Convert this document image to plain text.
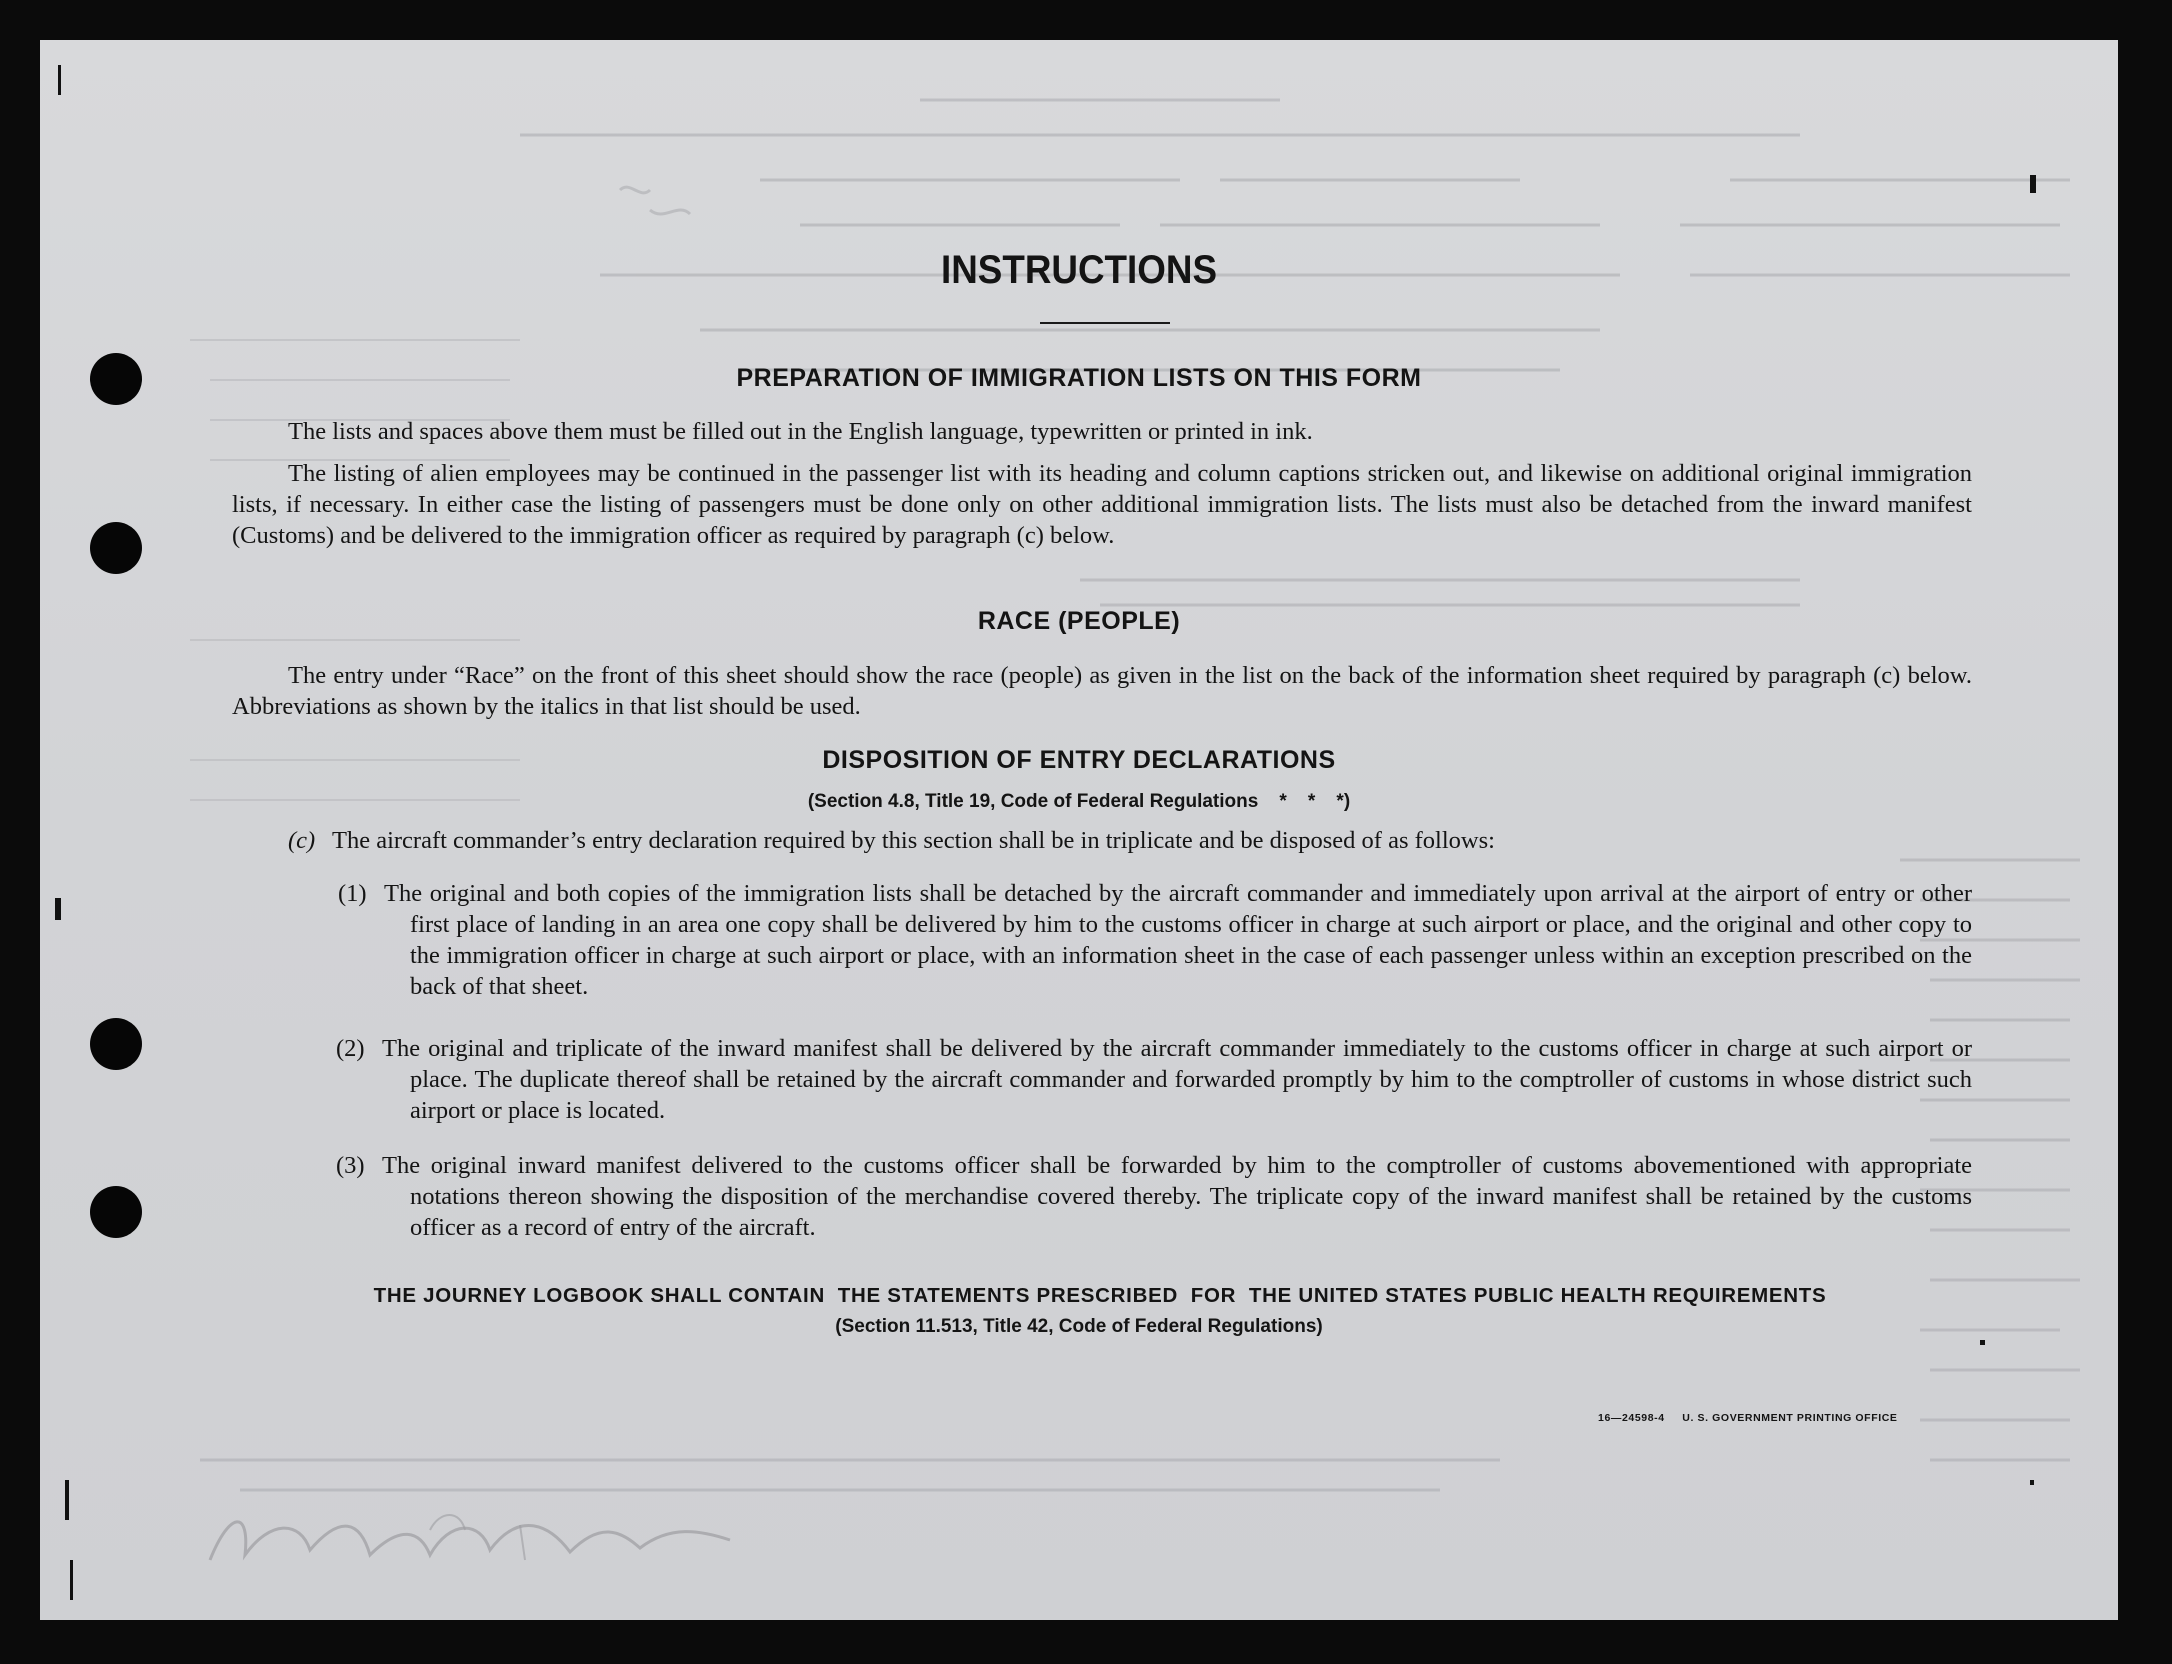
INSTRUCTIONS
PREPARATION OF IMMIGRATION LISTS ON THIS FORM
The lists and spaces above them must be filled out in the English language, typewritten or printed in ink.
The listing of alien employees may be continued in the passenger list with its heading and column captions stricken out, and likewise on additional original immigration lists, if necessary. In either case the listing of passengers must be done only on other additional immigration lists. The lists must also be detached from the inward manifest (Customs) and be delivered to the immigration officer as required by paragraph (c) below.
RACE (PEOPLE)
The entry under “Race” on the front of this sheet should show the race (people) as given in the list on the back of the information sheet required by paragraph (c) below. Abbreviations as shown by the italics in that list should be used.
DISPOSITION OF ENTRY DECLARATIONS
(Section 4.8, Title 19, Code of Federal Regulations    *    *    *)
(c) The aircraft commander’s entry declaration required by this section shall be in triplicate and be disposed of as follows:
(1) The original and both copies of the immigration lists shall be detached by the aircraft commander and immediately upon arrival at the airport of entry or other first place of landing in an area one copy shall be delivered by him to the customs officer in charge at such airport or place, and the original and other copy to the immigration officer in charge at such airport or place, with an information sheet in the case of each passenger unless within an exception prescribed on the back of that sheet.
(2) The original and triplicate of the inward manifest shall be delivered by the aircraft commander immediately to the customs officer in charge at such airport or place. The duplicate thereof shall be retained by the aircraft commander and forwarded promptly by him to the comptroller of customs in whose district such airport or place is located.
(3) The original inward manifest delivered to the customs officer shall be forwarded by him to the comptroller of customs abovementioned with appropriate notations thereon showing the disposition of the merchandise covered thereby. The triplicate copy of the inward manifest shall be retained by the customs officer as a record of entry of the aircraft.
THE JOURNEY LOGBOOK SHALL CONTAIN  THE STATEMENTS PRESCRIBED  FOR  THE UNITED STATES PUBLIC HEALTH REQUIREMENTS
(Section 11.513, Title 42, Code of Federal Regulations)
16—24598-4     U. S. GOVERNMENT PRINTING OFFICE
